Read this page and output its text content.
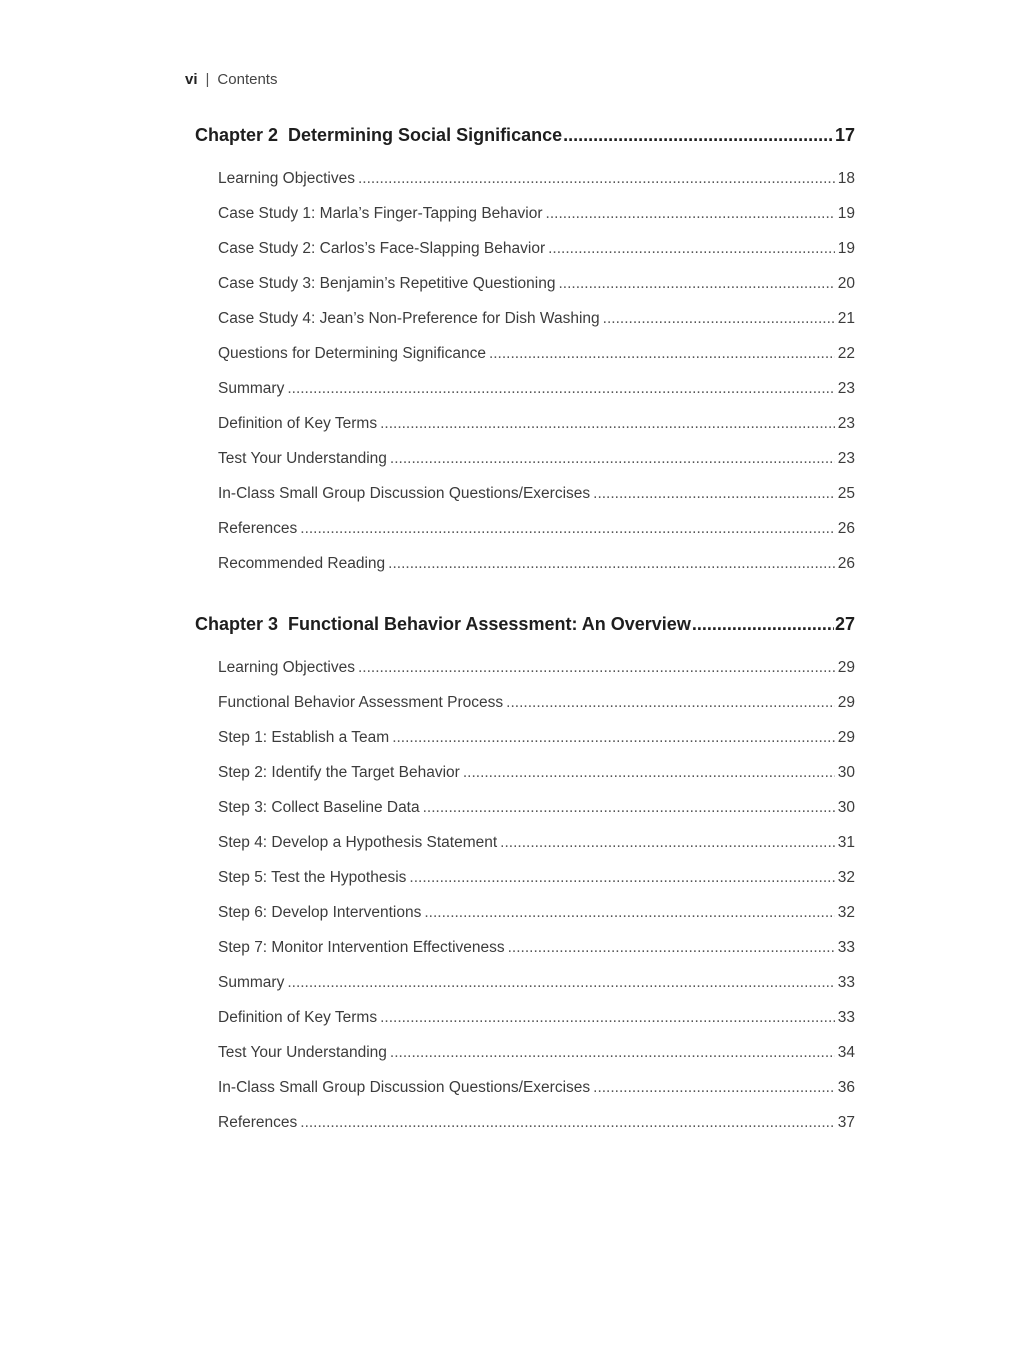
vi | Contents
Chapter 2 Determining Social Significance .....	17
Learning Objectives .....	18
Case Study 1: Marla’s Finger-Tapping Behavior .....	19
Case Study 2: Carlos’s Face-Slapping Behavior .....	19
Case Study 3: Benjamin’s Repetitive Questioning .....	20
Case Study 4: Jean’s Non-Preference for Dish Washing .....	21
Questions for Determining Significance .....	22
Summary .....	23
Definition of Key Terms .....	23
Test Your Understanding .....	23
In-Class Small Group Discussion Questions/Exercises .....	25
References .....	26
Recommended Reading .....	26
Chapter 3 Functional Behavior Assessment: An Overview .....	27
Learning Objectives .....	29
Functional Behavior Assessment Process .....	29
Step 1: Establish a Team .....	29
Step 2: Identify the Target Behavior .....	30
Step 3: Collect Baseline Data .....	30
Step 4: Develop a Hypothesis Statement .....	31
Step 5: Test the Hypothesis .....	32
Step 6: Develop Interventions .....	32
Step 7: Monitor Intervention Effectiveness .....	33
Summary .....	33
Definition of Key Terms .....	33
Test Your Understanding .....	34
In-Class Small Group Discussion Questions/Exercises .....	36
References .....	37
